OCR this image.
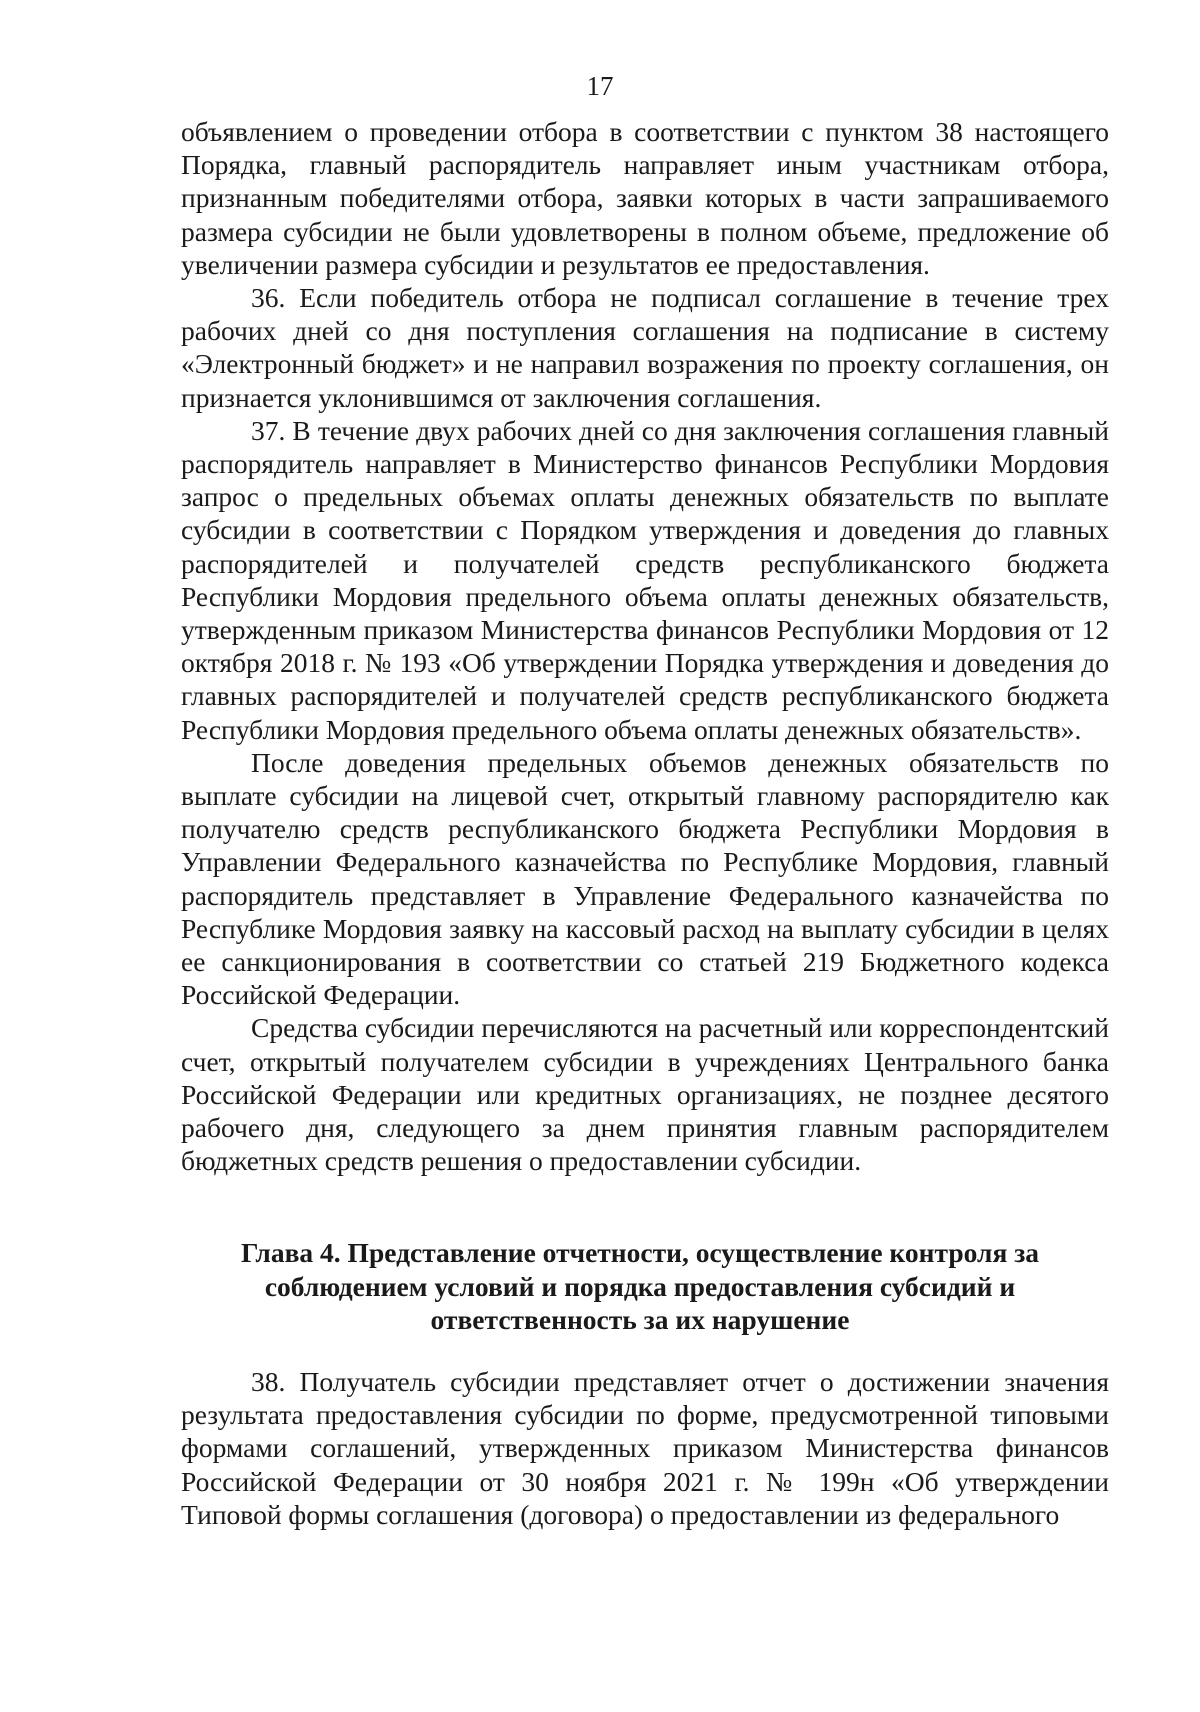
17

объявлением о проведении отбора в соответствии с пунктом 38 настоящего Порядка, главный распорядитель направляет иным участникам отбора, признанным победителями отбора, заявки которых в части запрашиваемого размера субсидии не были удовлетворены в полном объеме, предложение об увеличении размера субсидии и результатов ее предоставления.

36. Если победитель отбора не подписал соглашение в течение трех рабочих дней со дня поступления соглашения на подписание в систему «Электронный бюджет» и не направил возражения по проекту соглашения, он признается уклонившимся от заключения соглашения.

37. В течение двух рабочих дней со дня заключения соглашения главный распорядитель направляет в Министерство финансов Республики Мордовия запрос о предельных объемах оплаты денежных обязательств по выплате субсидии в соответствии с Порядком утверждения и доведения до главных распорядителей и получателей средств республиканского бюджета Республики Мордовия предельного объема оплаты денежных обязательств, утвержденным приказом Министерства финансов Республики Мордовия от 12 октября 2018 г. № 193 «Об утверждении Порядка утверждения и доведения до главных распорядителей и получателей средств республиканского бюджета Республики Мордовия предельного объема оплаты денежных обязательств».

После доведения предельных объемов денежных обязательств по выплате субсидии на лицевой счет, открытый главному распорядителю как получателю средств республиканского бюджета Республики Мордовия в Управлении Федерального казначейства по Республике Мордовия, главный распорядитель представляет в Управление Федерального казначейства по Республике Мордовия заявку на кассовый расход на выплату субсидии в целях ее санкционирования в соответствии со статьей 219 Бюджетного кодекса Российской Федерации.

Средства субсидии перечисляются на расчетный или корреспондентский счет, открытый получателем субсидии в учреждениях Центрального банка Российской Федерации или кредитных организациях, не позднее десятого рабочего дня, следующего за днем принятия главным распорядителем бюджетных средств решения о предоставлении субсидии.

Глава 4. Представление отчетности, осуществление контроля за соблюдением условий и порядка предоставления субсидий и ответственность за их нарушение

38. Получатель субсидии представляет отчет о достижении значения результата предоставления субсидии по форме, предусмотренной типовыми формами соглашений, утвержденных приказом Министерства финансов Российской Федерации от 30 ноября 2021 г. № 199н «Об утверждении Типовой формы соглашения (договора) о предоставлении из федерального
